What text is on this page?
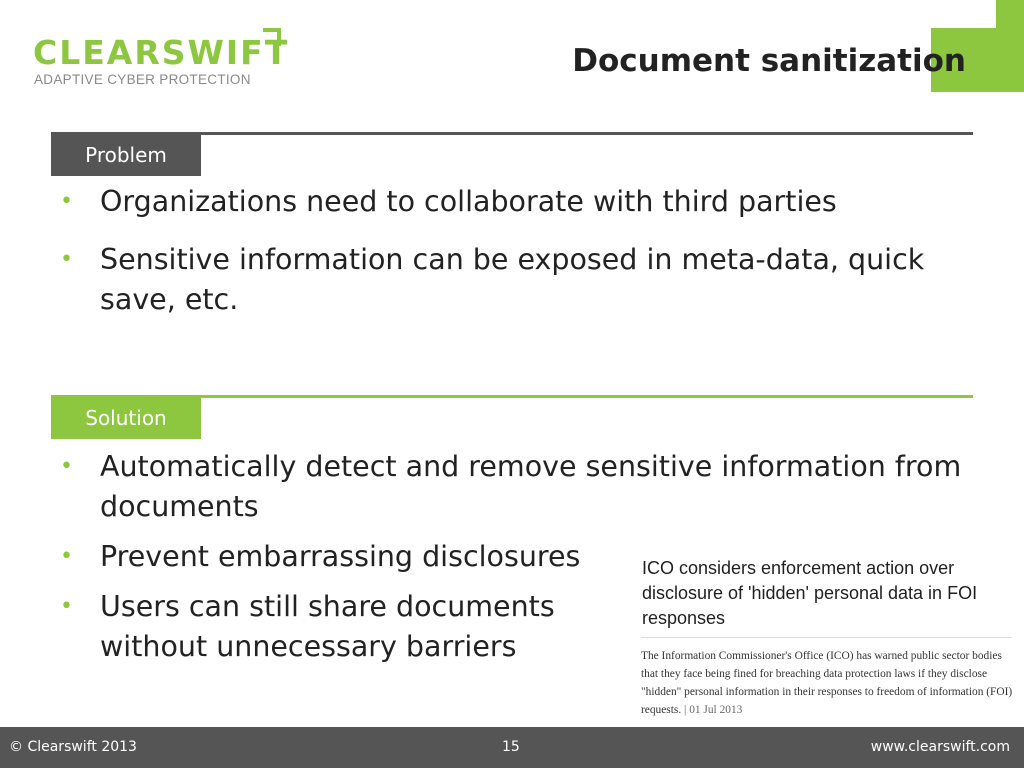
CLEARSWIFT
ADAPTIVE CYBER PROTECTION
Document sanitization
Problem
• Organizations need to collaborate with third parties
• Sensitive information can be exposed in meta-data, quick save, etc.
Solution
• Automatically detect and remove sensitive information from documents
• Prevent embarrassing disclosures
• Users can still share documents without unnecessary barriers
ICO considers enforcement action over disclosure of 'hidden' personal data in FOI responses
The Information Commissioner's Office (ICO) has warned public sector bodies that they face being fined for breaching data protection laws if they disclose "hidden" personal information in their responses to freedom of information (FOI) requests. | 01 Jul 2013
© Clearswift 2013	15	www.clearswift.com
